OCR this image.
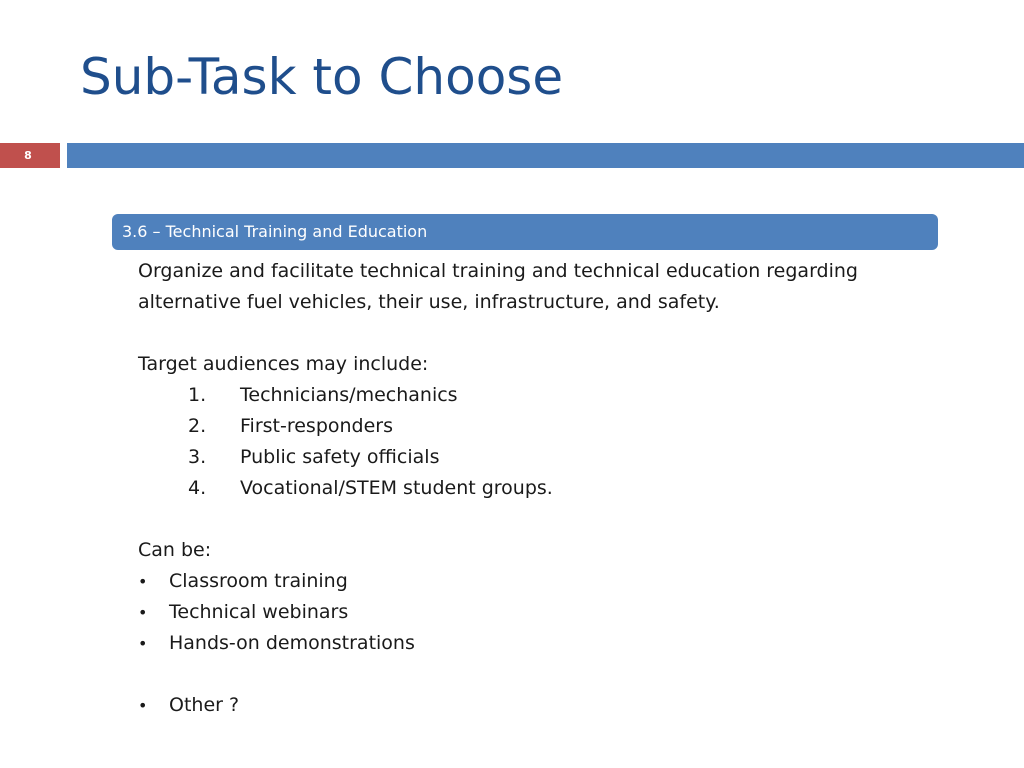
Sub-Task to Choose
8
3.6 – Technical Training and Education

Organize and facilitate technical training and technical education regarding

alternative fuel vehicles, their use, infrastructure, and safety.

Target audiences may include:

1.	Technicians/mechanics
2.	First-responders
3.	Public safety officials
4.	Vocational/STEM student groups.

Can be:

•	Classroom training
•	Technical webinars
•	Hands-on demonstrations
•	Other ?
